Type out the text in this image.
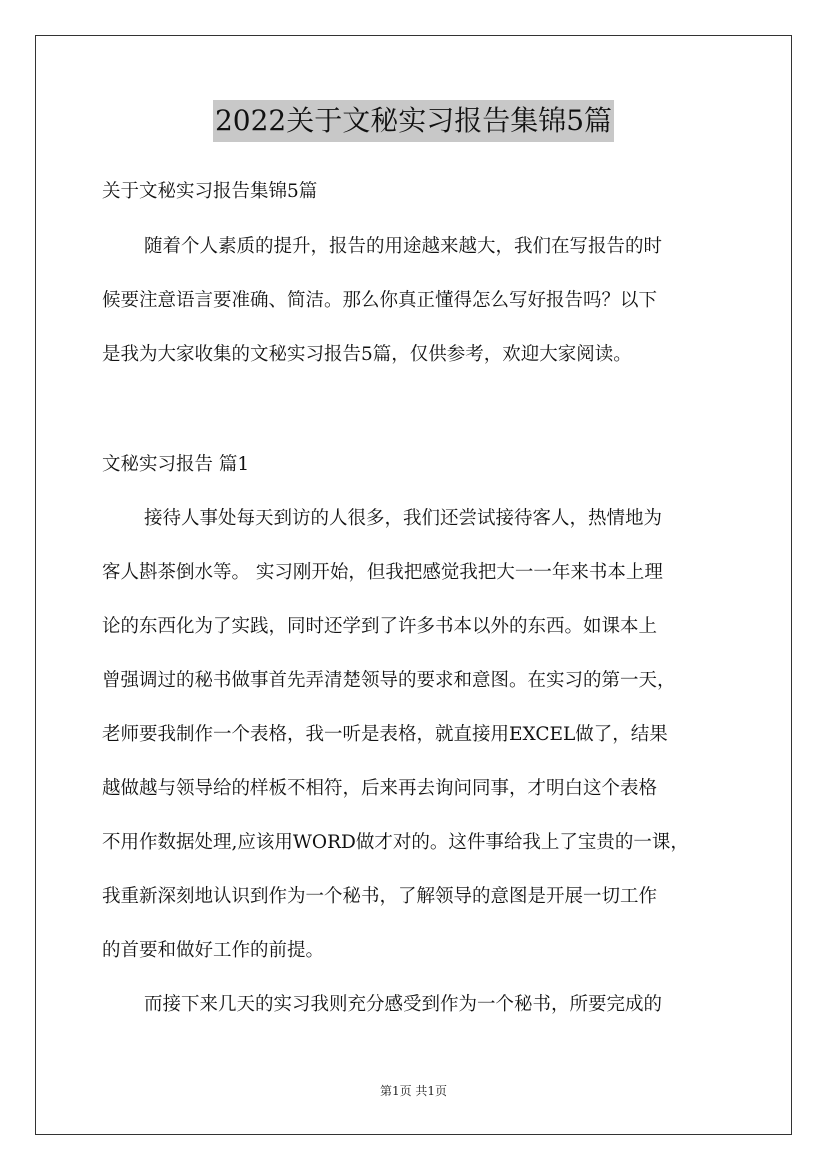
2022关于文秘实习报告集锦5篇
关于文秘实习报告集锦5篇
随着个人素质的提升，报告的用途越来越大，我们在写报告的时
候要注意语言要准确、简洁。那么你真正懂得怎么写好报告吗？以下
是我为大家收集的文秘实习报告5篇，仅供参考，欢迎大家阅读。
文秘实习报告 篇1
接待人事处每天到访的人很多，我们还尝试接待客人，热情地为
客人斟茶倒水等。 实习刚开始，但我把感觉我把大一一年来书本上理
论的东西化为了实践，同时还学到了许多书本以外的东西。如课本上
曾强调过的秘书做事首先弄清楚领导的要求和意图。在实习的第一天，
老师要我制作一个表格，我一听是表格，就直接用EXCEL做了，结果
越做越与领导给的样板不相符，后来再去询问同事，才明白这个表格
不用作数据处理,应该用WORD做才对的。这件事给我上了宝贵的一课，
我重新深刻地认识到作为一个秘书，了解领导的意图是开展一切工作
的首要和做好工作的前提。
而接下来几天的实习我则充分感受到作为一个秘书，所要完成的
第1页 共1页
